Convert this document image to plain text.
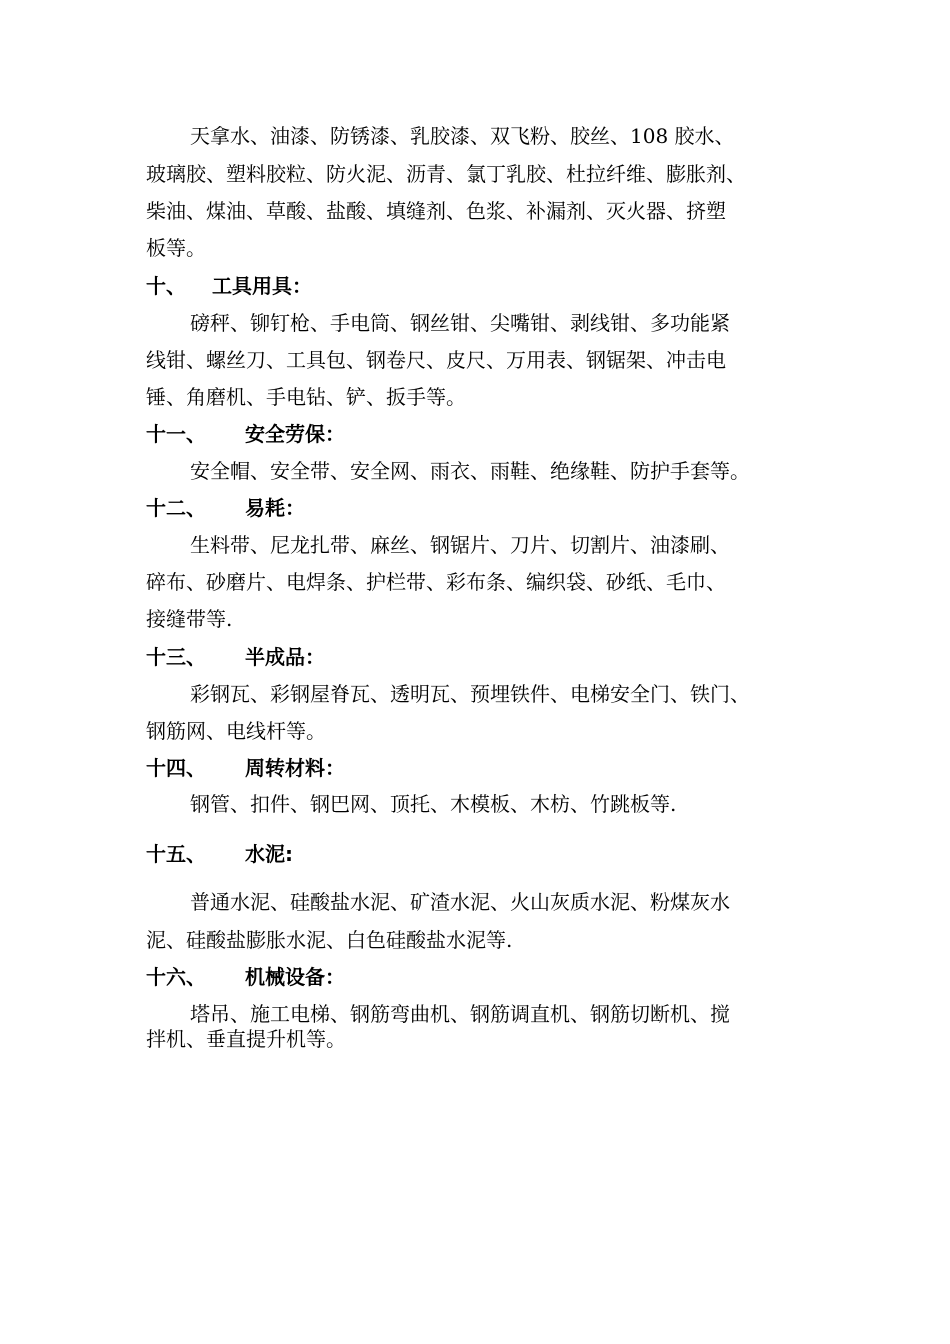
天拿水、油漆、防锈漆、乳胶漆、双飞粉、胶丝、108 胶水、
玻璃胶、塑料胶粒、防火泥、沥青、氯丁乳胶、杜拉纤维、膨胀剂、
柴油、煤油、草酸、盐酸、填缝剂、色浆、补漏剂、灭火器、挤塑
板等。
十、 工具用具：
磅秤、铆钉枪、手电筒、钢丝钳、尖嘴钳、剥线钳、多功能紧
线钳、螺丝刀、工具包、钢卷尺、皮尺、万用表、钢锯架、冲击电
锤、角磨机、手电钻、铲、扳手等。
十一、 安全劳保：
安全帽、安全带、安全网、雨衣、雨鞋、绝缘鞋、防护手套等。
十二、 易耗：
生料带、尼龙扎带、麻丝、钢锯片、刀片、切割片、油漆刷、
碎布、砂磨片、电焊条、护栏带、彩布条、编织袋、砂纸、毛巾、
接缝带等.
十三、 半成品：
彩钢瓦、彩钢屋脊瓦、透明瓦、预埋铁件、电梯安全门、铁门、
钢筋网、电线杆等。
十四、 周转材料：
钢管、扣件、钢巴网、顶托、木模板、木枋、竹跳板等.
十五、 水泥:
普通水泥、硅酸盐水泥、矿渣水泥、火山灰质水泥、粉煤灰水
泥、硅酸盐膨胀水泥、白色硅酸盐水泥等.
十六、 机械设备：
塔吊、施工电梯、钢筋弯曲机、钢筋调直机、钢筋切断机、搅
拌机、垂直提升机等。
